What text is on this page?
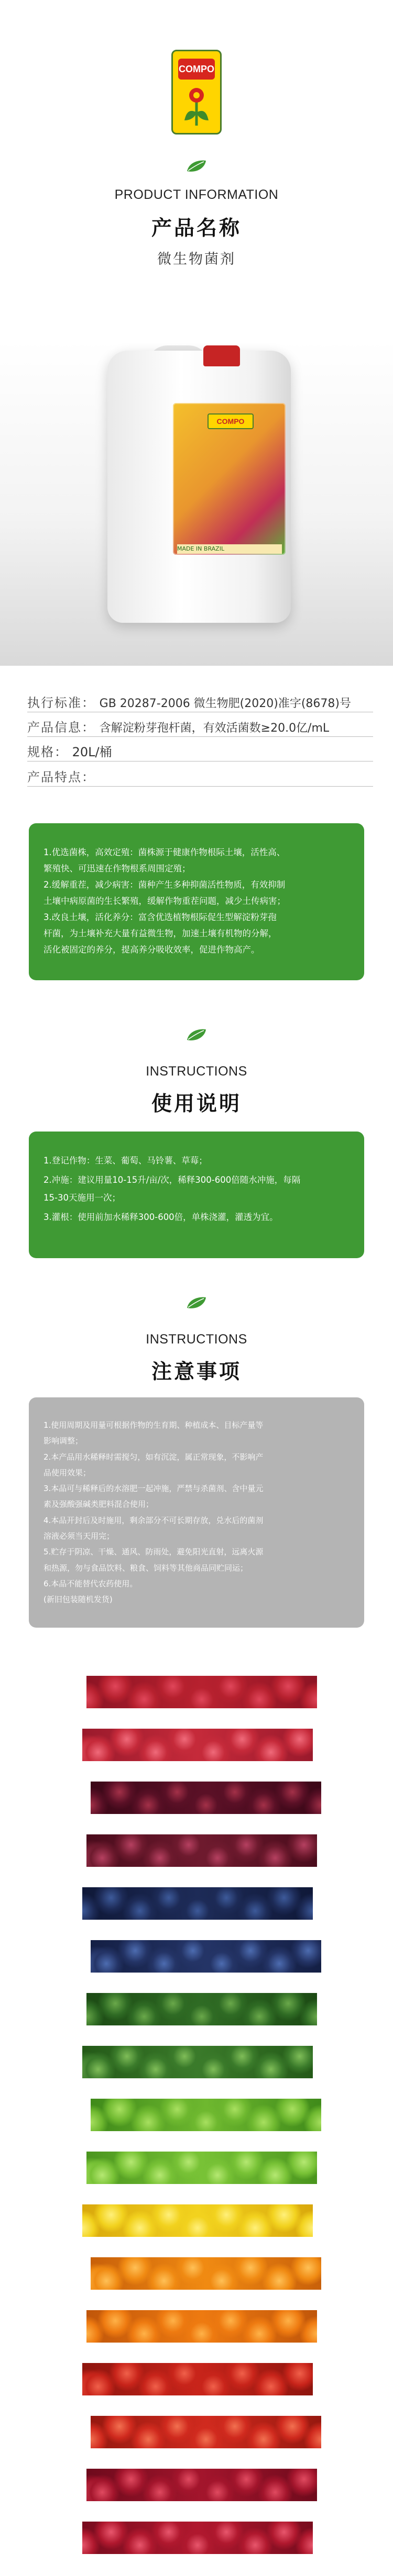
COMPO
PRODUCT INFORMATION
产品名称
微生物菌剂
COMPO
MADE IN BRAZIL
执行标准： GB 20287-2006 微生物肥(2020)准字(8678)号
产品信息： 含解淀粉芽孢杆菌，有效活菌数≥20.0亿/mL
规格： 20L/桶
产品特点：

1.优选菌株，高效定殖：菌株源于健康作物根际土壤，活性高、

繁殖快、可迅速在作物根系周围定殖；

2.缓解重茬，减少病害：菌种产生多种抑菌活性物质，有效抑制

土壤中病原菌的生长繁殖，缓解作物重茬问题，减少土传病害；

3.改良土壤，活化养分：富含优选植物根际促生型解淀粉芽孢

杆菌，为土壤补充大量有益微生物，加速土壤有机物的分解，

活化被固定的养分，提高养分吸收效率，促进作物高产。

INSTRUCTIONS
使用说明

1.登记作物：生菜、葡萄、马铃薯、草莓；

2.冲施：建议用量10-15升/亩/次，稀释300-600倍随水冲施，每隔

15-30天施用一次；

3.灌根：使用前加水稀释300-600倍，单株浇灌，灌透为宜。

INSTRUCTIONS
注意事项

1.使用周期及用量可根据作物的生育期、种植成本、目标产量等

影响调整；

2.本产品用水稀释时需搅匀，如有沉淀，属正常现象，不影响产

品使用效果；

3.本品可与稀释后的水溶肥一起冲施，严禁与杀菌剂、含中量元

素及强酸强碱类肥料混合使用；

4.本品开封后及时施用，剩余部分不可长期存放，兑水后的菌剂

溶液必须当天用完；

5.贮存于阴凉、干燥、通风、防雨处，避免阳光直射，远离火源

和热源，勿与食品饮料、粮食、饲料等其他商品同贮同运；

6.本品不能替代农药使用。

(新旧包装随机发货)
